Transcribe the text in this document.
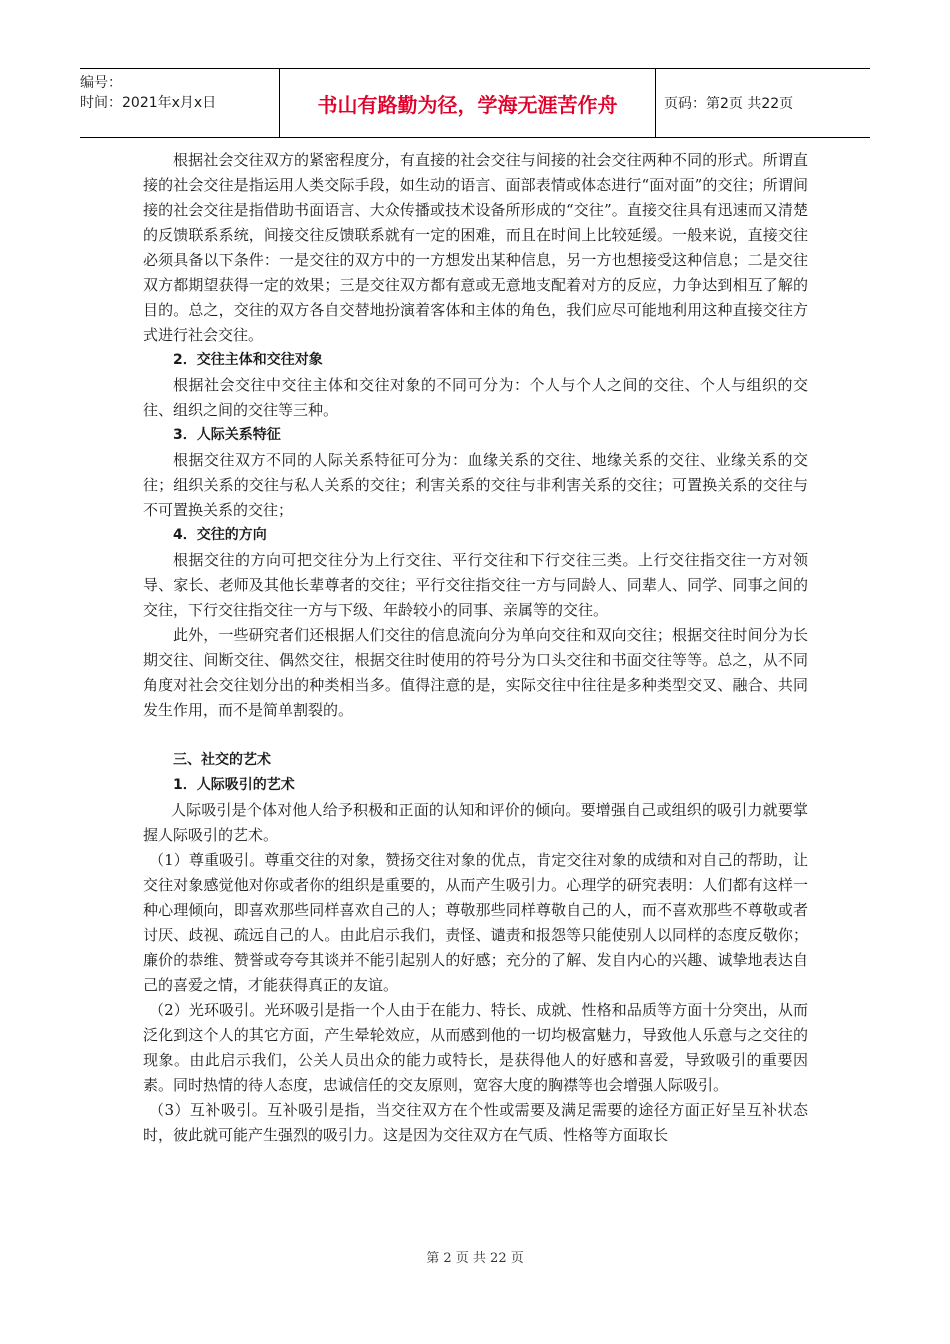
编号：
时间：2021年x月x日	书山有路勤为径，学海无涯苦作舟	页码：第2页 共22页

根据社会交往双方的紧密程度分，有直接的社会交往与间接的社会交往两种不同的形式。所谓直接的社会交往是指运用人类交际手段，如生动的语言、面部表情或体态进行“面对面”的交往；所谓间接的社会交往是指借助书面语言、大众传播或技术设备所形成的“交往”。直接交往具有迅速而又清楚的反馈联系系统，间接交往反馈联系就有一定的困难，而且在时间上比较延缓。一般来说，直接交往必须具备以下条件：一是交往的双方中的一方想发出某种信息，另一方也想接受这种信息；二是交往双方都期望获得一定的效果；三是交往双方都有意或无意地支配着对方的反应，力争达到相互了解的目的。总之，交往的双方各自交替地扮演着客体和主体的角色，我们应尽可能地利用这种直接交往方式进行社会交往。

2．交往主体和交往对象

根据社会交往中交往主体和交往对象的不同可分为：个人与个人之间的交往、个人与组织的交往、组织之间的交往等三种。

3．人际关系特征

根据交往双方不同的人际关系特征可分为：血缘关系的交往、地缘关系的交往、业缘关系的交往；组织关系的交往与私人关系的交往；利害关系的交往与非利害关系的交往；可置换关系的交往与不可置换关系的交往；

4．交往的方向

根据交往的方向可把交往分为上行交往、平行交往和下行交往三类。上行交往指交往一方对领导、家长、老师及其他长辈尊者的交往；平行交往指交往一方与同龄人、同辈人、同学、同事之间的交往，下行交往指交往一方与下级、年龄较小的同事、亲属等的交往。

此外，一些研究者们还根据人们交往的信息流向分为单向交往和双向交往；根据交往时间分为长期交往、间断交往、偶然交往，根据交往时使用的符号分为口头交往和书面交往等等。总之，从不同角度对社会交往划分出的种类相当多。值得注意的是，实际交往中往往是多种类型交叉、融合、共同发生作用，而不是简单割裂的。

三、社交的艺术

1．人际吸引的艺术

人际吸引是个体对他人给予积极和正面的认知和评价的倾向。要增强自己或组织的吸引力就要掌握人际吸引的艺术。

（1）尊重吸引。尊重交往的对象，赞扬交往对象的优点，肯定交往对象的成绩和对自己的帮助，让交往对象感觉他对你或者你的组织是重要的，从而产生吸引力。心理学的研究表明：人们都有这样一种心理倾向，即喜欢那些同样喜欢自己的人；尊敬那些同样尊敬自己的人，而不喜欢那些不尊敬或者讨厌、歧视、疏远自己的人。由此启示我们，责怪、谴责和报怨等只能使别人以同样的态度反敬你；廉价的恭维、赞誉或夸夸其谈并不能引起别人的好感；充分的了解、发自内心的兴趣、诚挚地表达自己的喜爱之情，才能获得真正的友谊。

（2）光环吸引。光环吸引是指一个人由于在能力、特长、成就、性格和品质等方面十分突出，从而泛化到这个人的其它方面，产生晕轮效应，从而感到他的一切均极富魅力，导致他人乐意与之交往的现象。由此启示我们，公关人员出众的能力或特长，是获得他人的好感和喜爱，导致吸引的重要因素。同时热情的待人态度，忠诚信任的交友原则，宽容大度的胸襟等也会增强人际吸引。

（3）互补吸引。互补吸引是指，当交往双方在个性或需要及满足需要的途径方面正好呈互补状态时，彼此就可能产生强烈的吸引力。这是因为交往双方在气质、性格等方面取长

第 2 页 共 22 页
